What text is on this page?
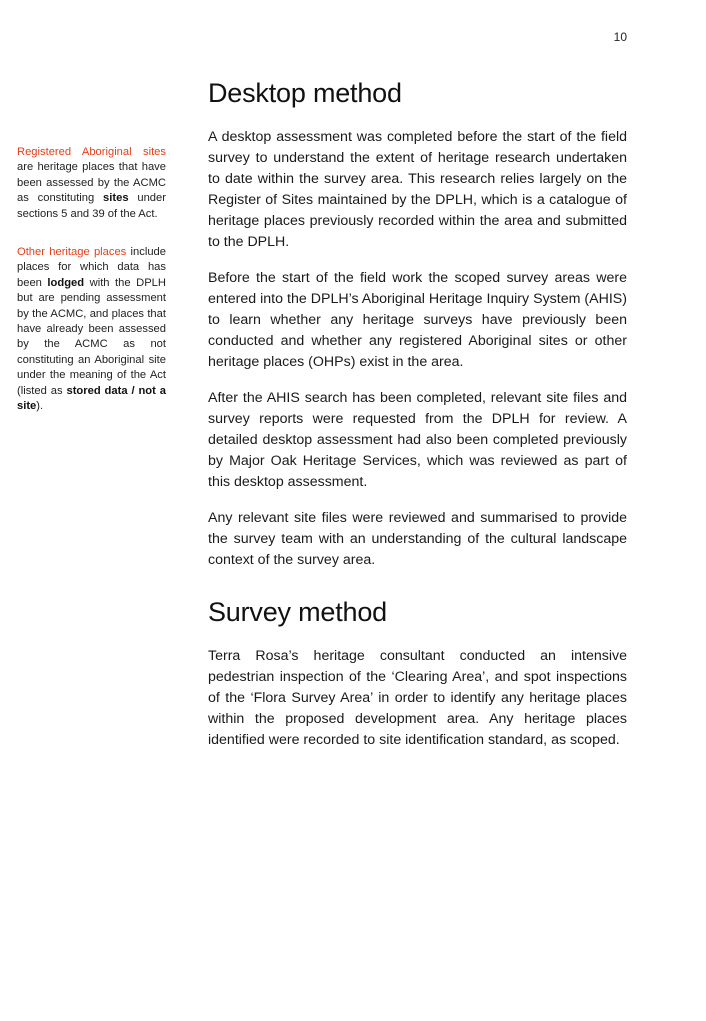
10

Registered Aboriginal sites are heritage places that have been assessed by the ACMC as constituting sites under sections 5 and 39 of the Act.

Other heritage places include places for which data has been lodged with the DPLH but are pending assessment by the ACMC, and places that have already been assessed by the ACMC as not constituting an Aboriginal site under the meaning of the Act (listed as stored data / not a site).

Desktop method

A desktop assessment was completed before the start of the field survey to understand the extent of heritage research undertaken to date within the survey area. This research relies largely on the Register of Sites maintained by the DPLH, which is a catalogue of heritage places previously recorded within the area and submitted to the DPLH.

Before the start of the field work the scoped survey areas were entered into the DPLH’s Aboriginal Heritage Inquiry System (AHIS) to learn whether any heritage surveys have previously been conducted and whether any registered Aboriginal sites or other heritage places (OHPs) exist in the area.

After the AHIS search has been completed, relevant site files and survey reports were requested from the DPLH for review. A detailed desktop assessment had also been completed previously by Major Oak Heritage Services, which was reviewed as part of this desktop assessment.

Any relevant site files were reviewed and summarised to provide the survey team with an understanding of the cultural landscape context of the survey area.

Survey method

Terra Rosa’s heritage consultant conducted an intensive pedestrian inspection of the ‘Clearing Area’, and spot inspections of the ‘Flora Survey Area’ in order to identify any heritage places within the proposed development area. Any heritage places identified were recorded to site identification standard, as scoped.
